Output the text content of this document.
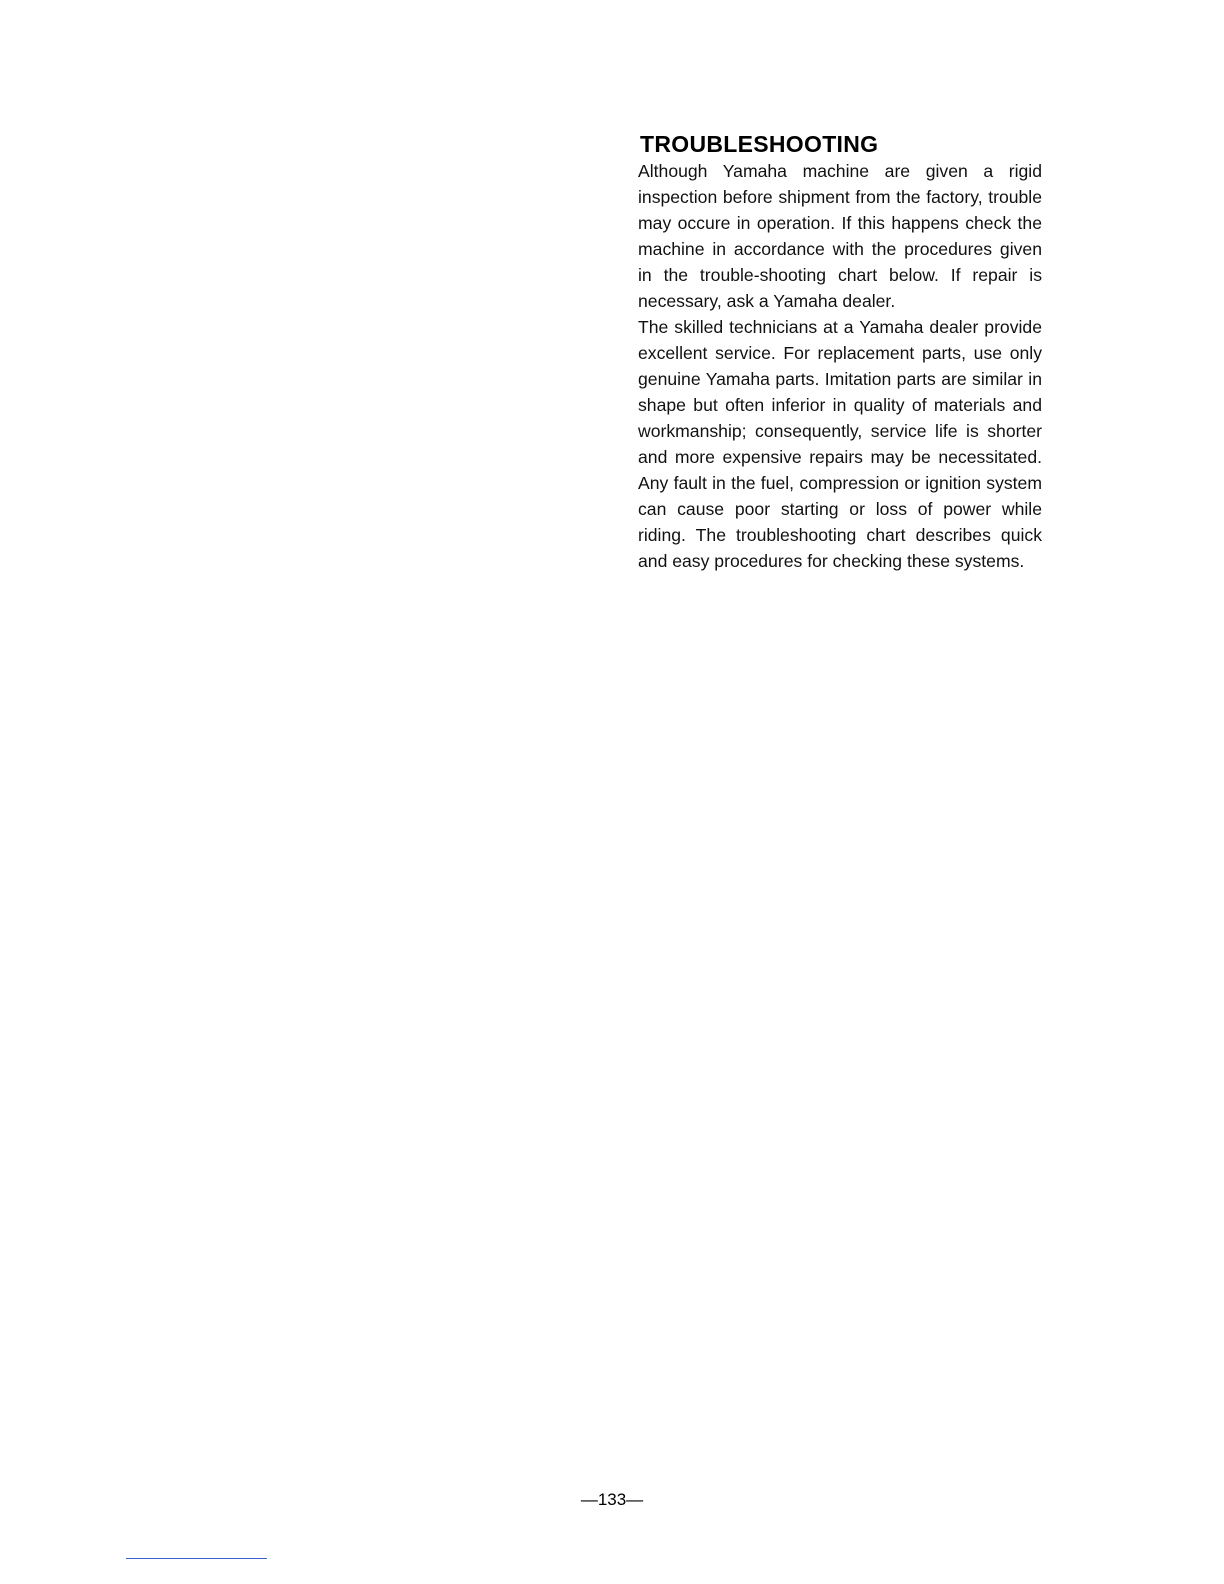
TROUBLESHOOTING

Although Yamaha machine are given a rigid inspection before shipment from the factory, trouble may occure in operation. If this happens check the machine in accordance with the procedures given in the trouble-shooting chart below. If repair is necessary, ask a Yamaha dealer.

The skilled technicians at a Yamaha dealer provide excellent service. For replacement parts, use only genuine Yamaha parts. Imitation parts are similar in shape but often inferior in quality of materials and workmanship; consequently, service life is shorter and more expensive repairs may be necessitated. Any fault in the fuel, compression or ignition system can cause poor starting or loss of power while riding. The troubleshooting chart describes quick and easy procedures for checking these systems.

—133—
